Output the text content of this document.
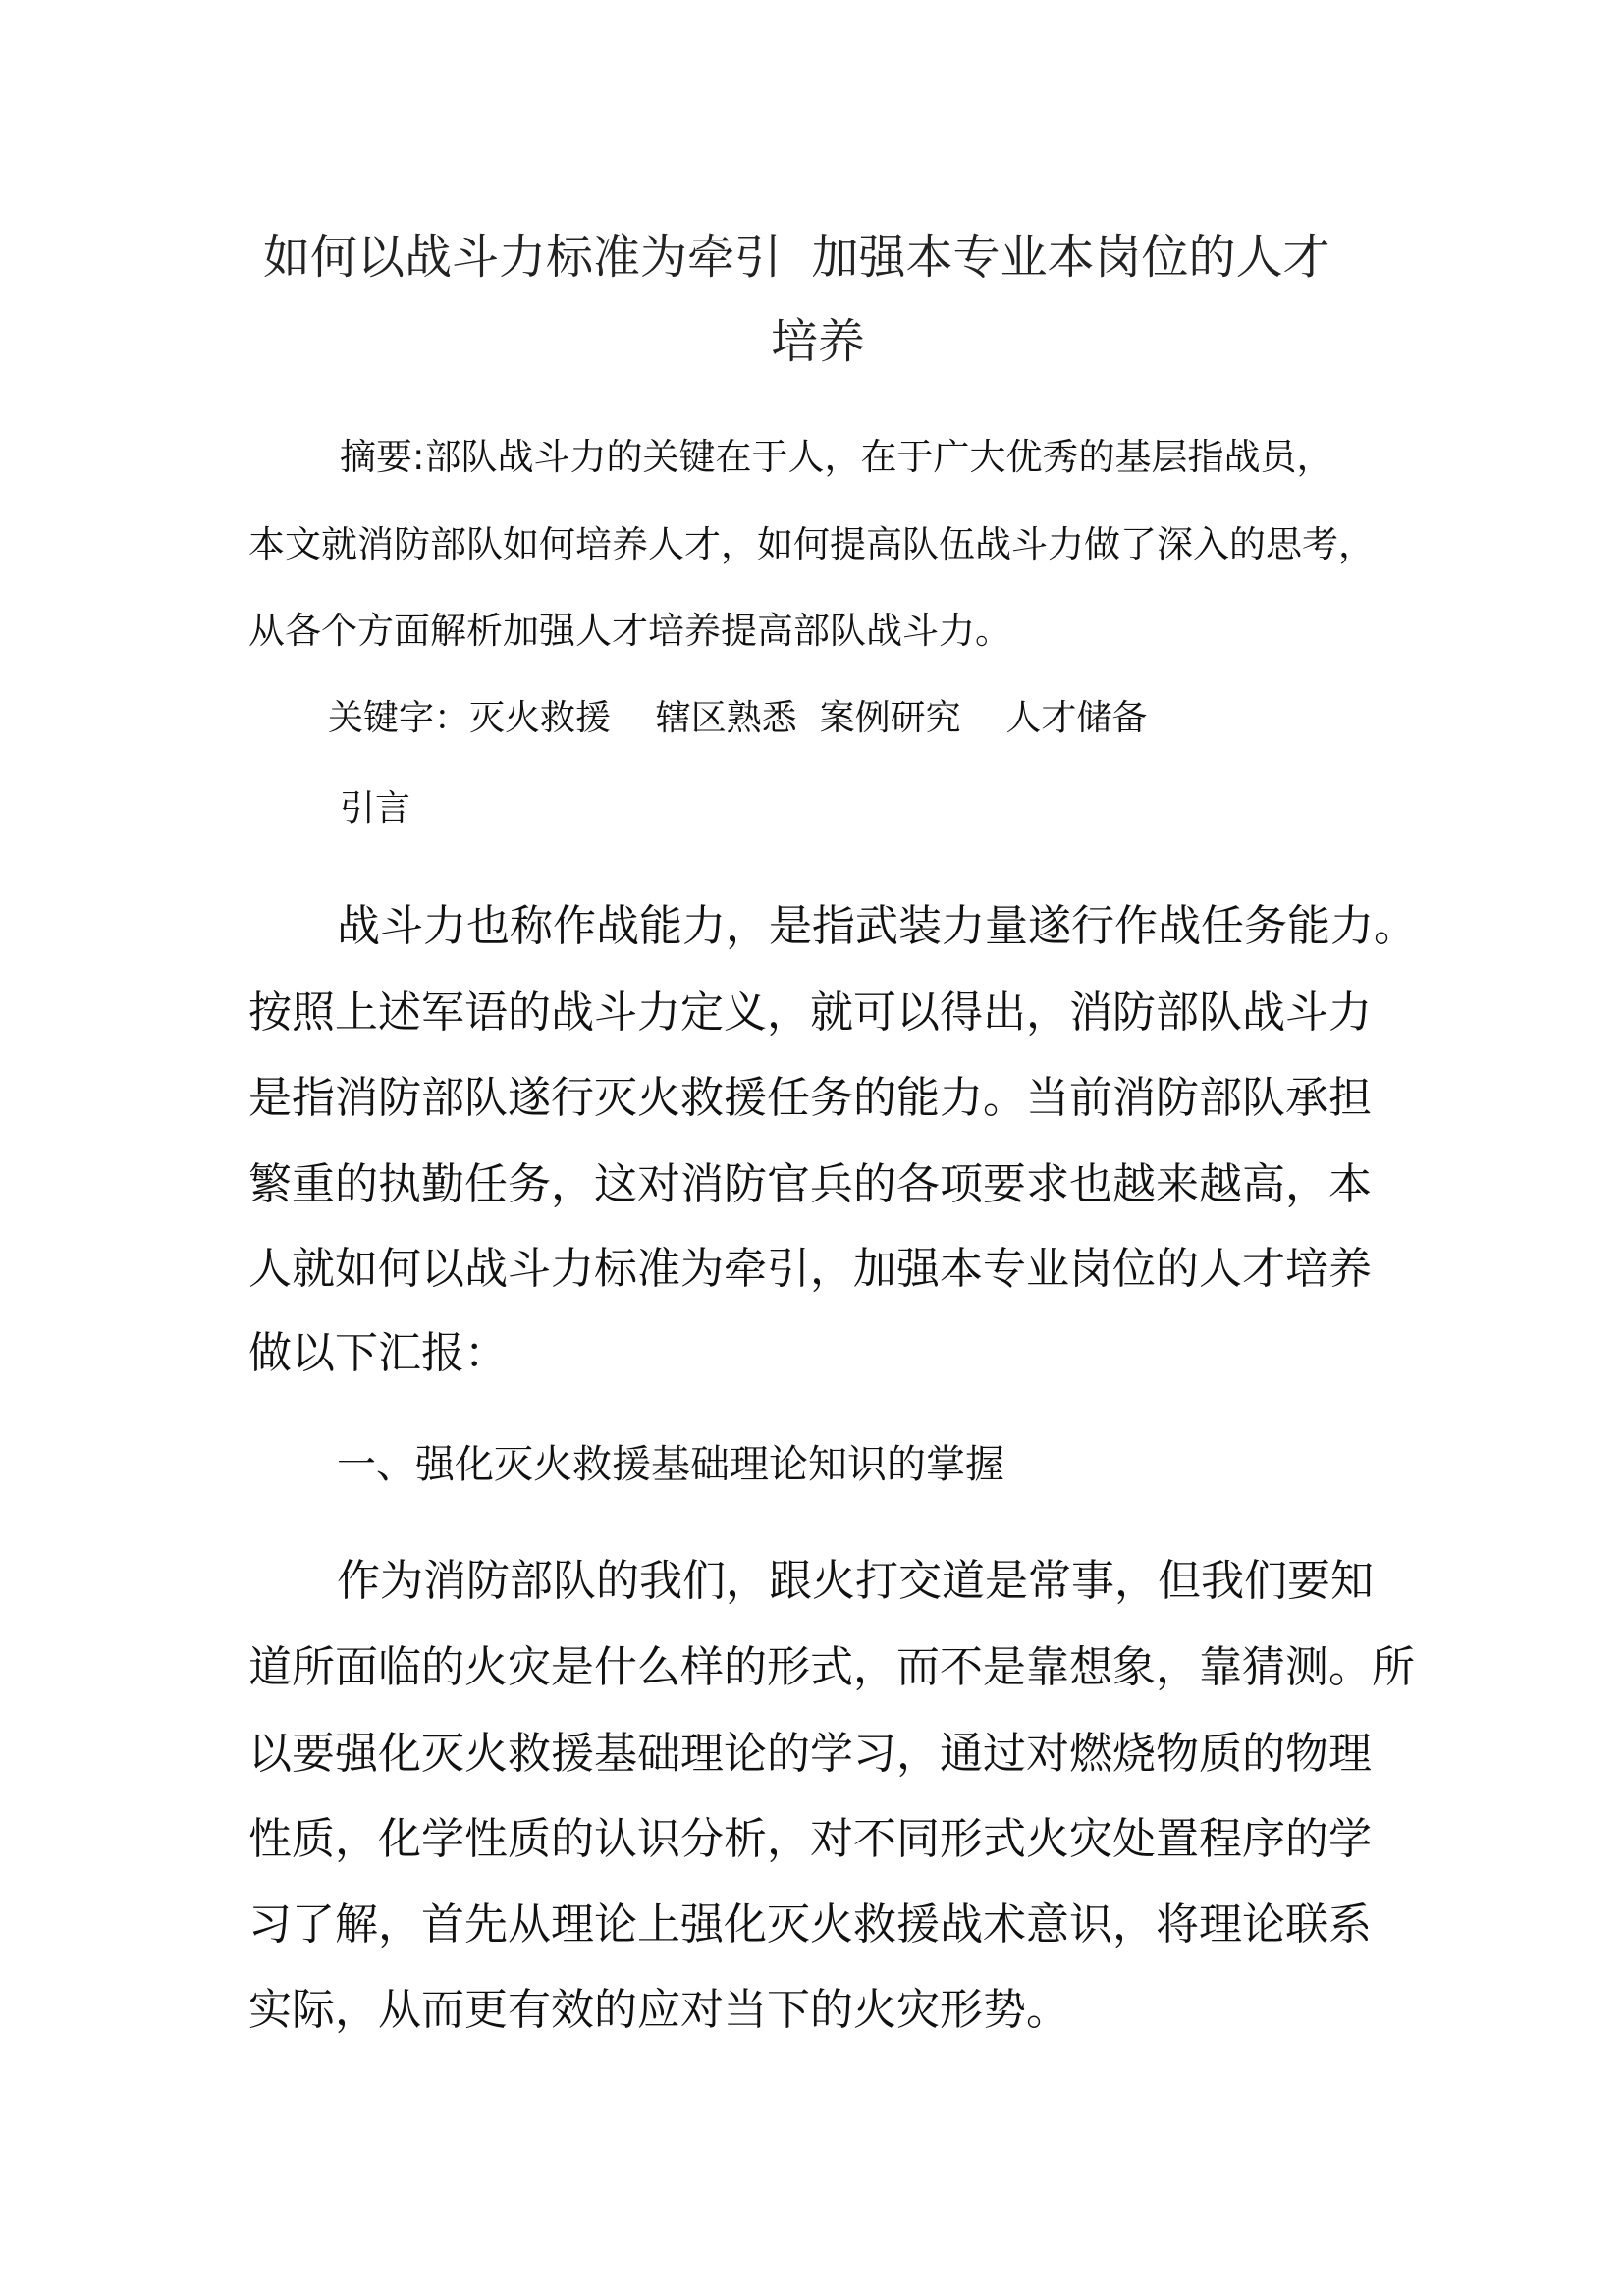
如何以战斗力标准为牵引  加强本专业本岗位的人才
培养
摘要:部队战斗力的关键在于人，在于广大优秀的基层指战员，
本文就消防部队如何培养人才，如何提高队伍战斗力做了深入的思考，
从各个方面解析加强人才培养提高部队战斗力。
关键字：灭火救援    辖区熟悉  案例研究    人才储备
引言
战斗力也称作战能力，是指武装力量遂行作战任务能力。
按照上述军语的战斗力定义，就可以得出，消防部队战斗力
是指消防部队遂行灭火救援任务的能力。当前消防部队承担
繁重的执勤任务，这对消防官兵的各项要求也越来越高，本
人就如何以战斗力标准为牵引，加强本专业岗位的人才培养
做以下汇报：
一、强化灭火救援基础理论知识的掌握
作为消防部队的我们，跟火打交道是常事，但我们要知
道所面临的火灾是什么样的形式，而不是靠想象，靠猜测。所
以要强化灭火救援基础理论的学习，通过对燃烧物质的物理
性质，化学性质的认识分析，对不同形式火灾处置程序的学
习了解，首先从理论上强化灭火救援战术意识，将理论联系
实际，从而更有效的应对当下的火灾形势。
